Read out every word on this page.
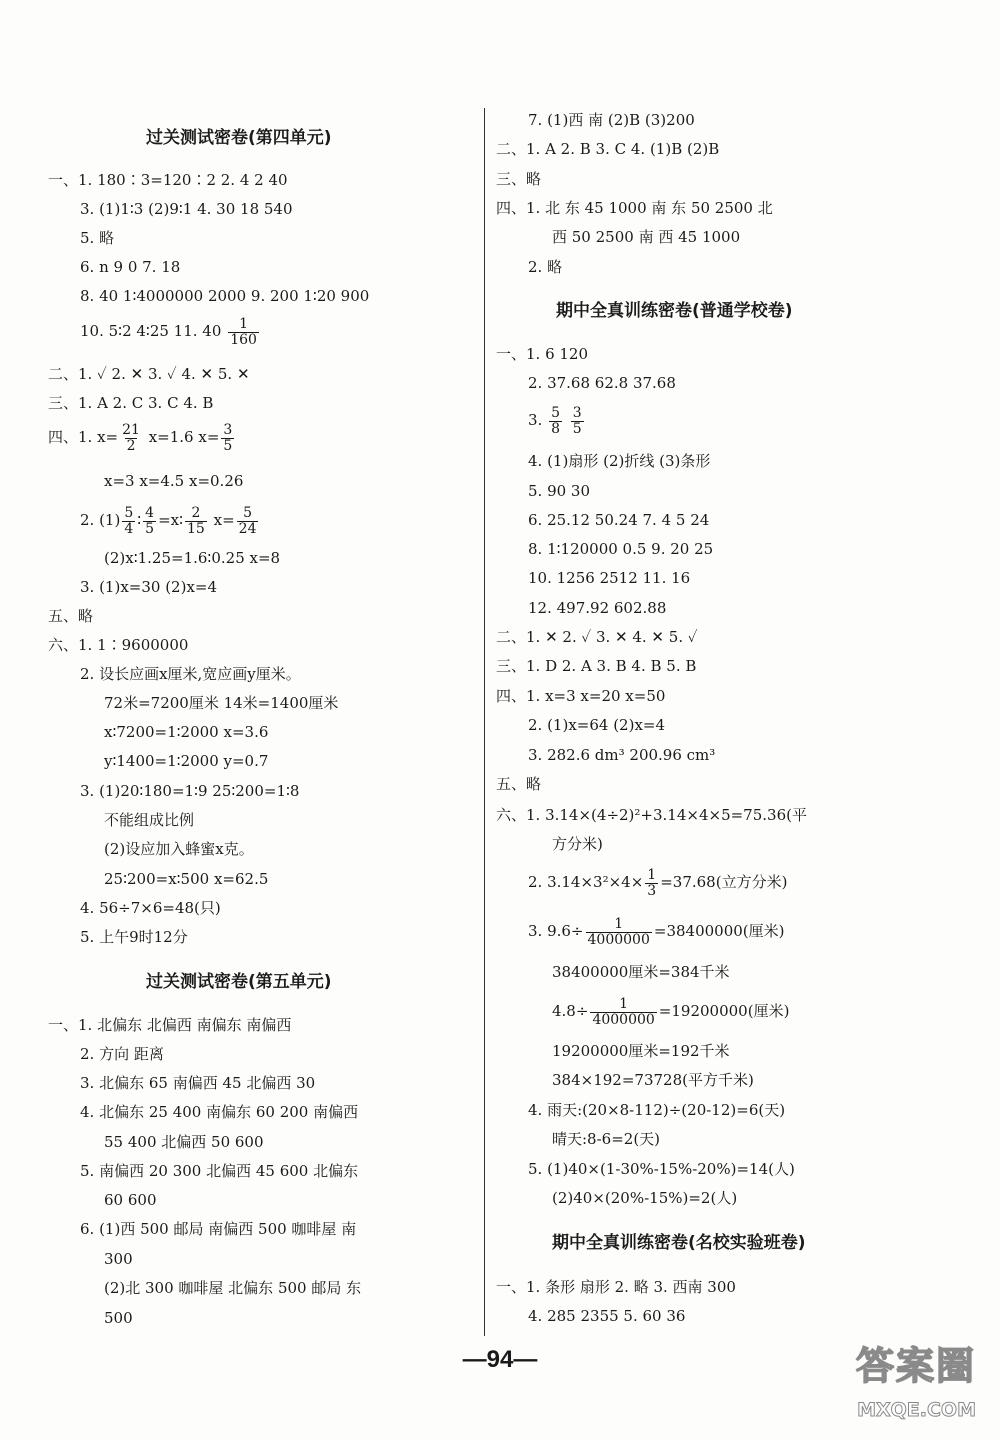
过关测试密卷(第四单元)
一、1. 180∶3=120∶2 2. 4 2 40
3. (1)1∶3 (2)9∶1 4. 30 18 540
5. 略
6. n 9 0 7. 18
8. 40 1∶4000000 2000 9. 200 1∶20 900
10. 5∶2 4∶25 11. $40 \frac{1}{160}$
二、1. ✓ 2. ✕ 3. ✓ 4. ✕ 5. ✕
三、1. A 2. C 3. C 4. B
四、1. $x= \frac{21}{2} x=1.6$ $x= \frac{3}{5}$
x=3 x=4.5 x=0.26
2. $(1) \frac{5}{4}$ ∶ $\frac{4}{5}$ =x∶ $\frac{2}{15} x= \frac{5}{24}$
(2)x∶1.25=1.6∶0.25 x=8
3. (1)x=30 (2)x=4
五、略
六、1. 1∶9600000
2. 设长应画x厘米,宽应画y厘米。
72米=7200厘米 14米=1400厘米
x∶7200=1∶2000 x=3.6
y∶1400=1∶2000 y=0.7
3. (1)20∶180=1∶9 25∶200=1∶8
不能组成比例
(2)设应加入蜂蜜x克。
25∶200=x∶500 x=62.5
4. 56÷7×6=48(只)
5. 上午9时12分
过关测试密卷(第五单元)
一、1. 北偏东 北偏西 南偏东 南偏西
2. 方向 距离
3. 北偏东 65 南偏西 45 北偏西 30
4. 北偏东 25 400 南偏东 60 200 南偏西
55 400 北偏西 50 600
5. 南偏西 20 300 北偏西 45 600 北偏东
60 600
6. (1)西 500 邮局 南偏西 500 咖啡屋 南
300
(2)北 300 咖啡屋 北偏东 500 邮局 东
500
7. (1)西 南 (2)B (3)200
二、1. A 2. B 3. C 4. (1)B (2)B
三、略
四、1. 北 东 45 1000 南 东 50 2500 北
西 50 2500 南 西 45 1000
2. 略
期中全真训练密卷(普通学校卷)
一、1. 6 120
2. 37.68 62.8 37.68
3. $\frac{5}{8}$
$\frac{3}{5}$
4. (1)扇形 (2)折线 (3)条形
5. 90 30
6. 25.12 50.24 7. 4 5 24
8. 1∶120000 0.5 9. 20 25
10. 1256 2512 11. 16
12. 497.92 602.88
二、1. ✕ 2. ✓ 3. ✕ 4. ✕ 5. ✓
三、1. D 2. A 3. B 4. B 5. B
四、1. x=3 x=20 x=50
2. (1)x=64 (2)x=4
3. 282.6 dm³ 200.96 cm³
五、略
六、1. 3.14×(4÷2)²+3.14×4×5=75.36(平
方分米)
2. $3.14\times 3^2\times 4\times \frac{1}{3} =37.68$(立方分米)
3. $9.6\div \frac{1}{4000000} =38400000$(厘米)
38400000厘米=384千米
$4.8\div \frac{1}{4000000} =19200000$(厘米)
19200000厘米=192千米
384×192=73728(平方千米)
4. 雨天:(20×8-112)÷(20-12)=6(天)
晴天:8-6=2(天)
5. (1)40×(1-30%-15%-20%)=14(人)
(2)40×(20%-15%)=2(人)
期中全真训练密卷(名校实验班卷)
一、1. 条形 扇形 2. 略 3. 西南 300
4. 285 2355 5. 60 36
—94—	答案圈
MXQE.COM
